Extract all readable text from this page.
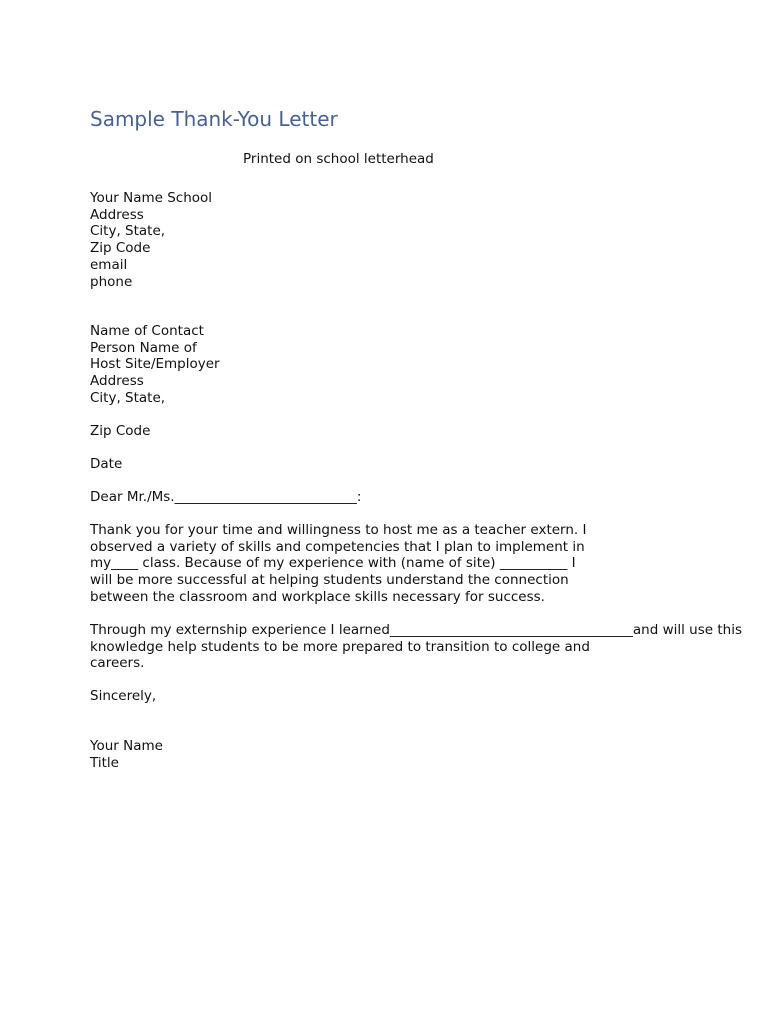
Sample Thank-You Letter
Printed on school letterhead
Your Name School
Address
City, State,
Zip Code
email
phone
Name of Contact
Person Name of
Host Site/Employer
Address
City, State,
Zip Code
Date
Dear Mr./Ms.___________________________:
Thank you for your time and willingness to host me as a teacher extern. I
observed a variety of skills and competencies that I plan to implement in
my____ class. Because of my experience with (name of site) __________ I
will be more successful at helping students understand the connection
between the classroom and workplace skills necessary for success.
Through my externship experience I learned____________________________________and will use this
knowledge help students to be more prepared to transition to college and
careers.
Sincerely,
Your Name
Title
